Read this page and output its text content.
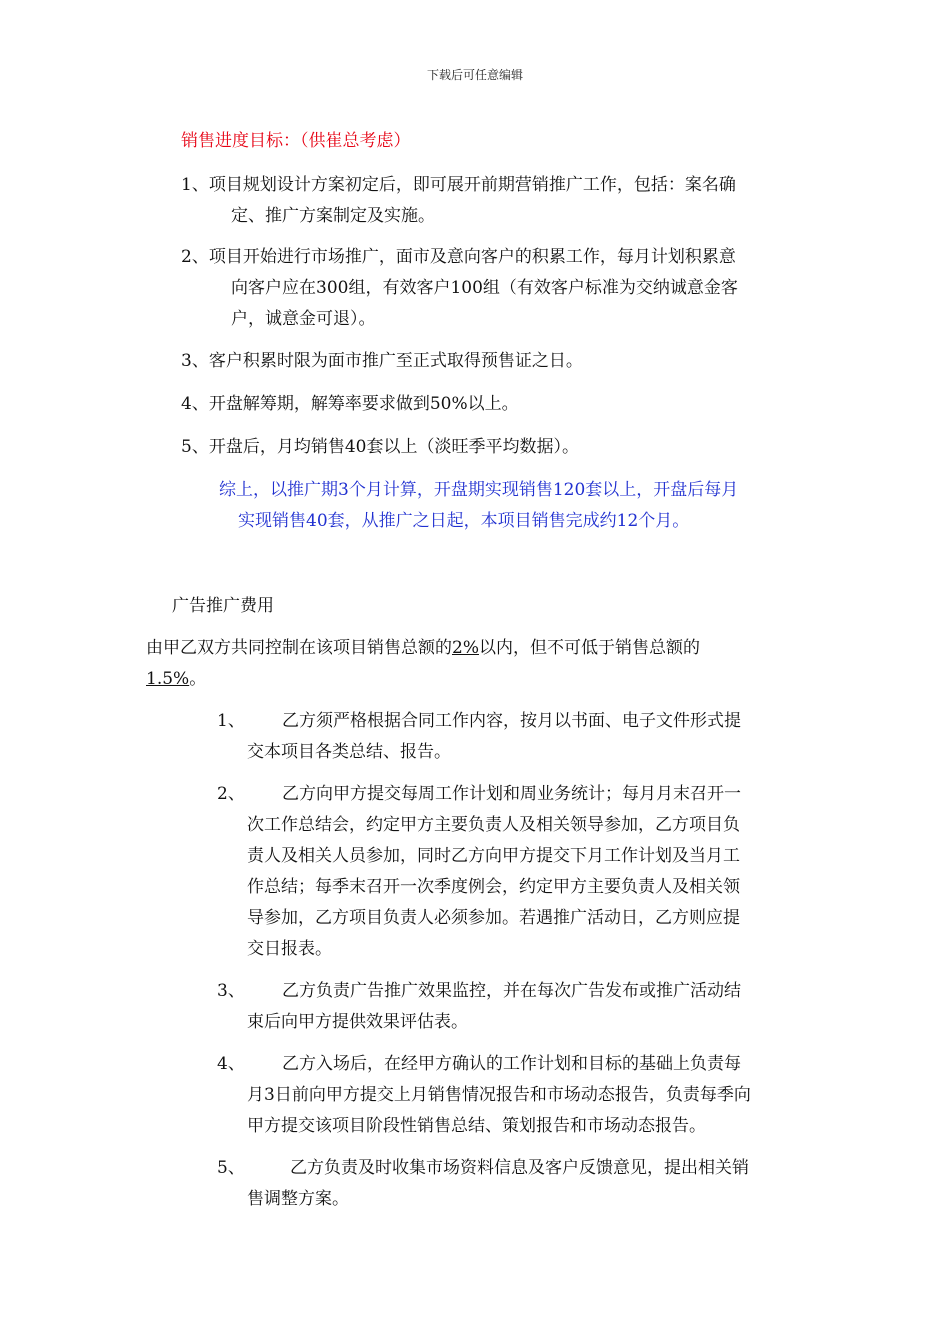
下载后可任意编辑
销售进度目标：（供崔总考虑）
1、项目规划设计方案初定后，即可展开前期营销推广工作，包括：案名确
定、推广方案制定及实施。
2、项目开始进行市场推广，面市及意向客户的积累工作，每月计划积累意
向客户应在300组，有效客户100组（有效客户标准为交纳诚意金客
户，诚意金可退）。
3、客户积累时限为面市推广至正式取得预售证之日。
4、开盘解筹期，解筹率要求做到50%以上。
5、开盘后，月均销售40套以上（淡旺季平均数据）。
综上，以推广期3个月计算，开盘期实现销售120套以上，开盘后每月
实现销售40套，从推广之日起，本项目销售完成约12个月。
广告推广费用
由甲乙双方共同控制在该项目销售总额的2%以内，但不可低于销售总额的
1.5%。
1、 乙方须严格根据合同工作内容，按月以书面、电子文件形式提
交本项目各类总结、报告。
2、 乙方向甲方提交每周工作计划和周业务统计；每月月末召开一
次工作总结会，约定甲方主要负责人及相关领导参加，乙方项目负
责人及相关人员参加，同时乙方向甲方提交下月工作计划及当月工
作总结；每季末召开一次季度例会，约定甲方主要负责人及相关领
导参加，乙方项目负责人必须参加。若遇推广活动日，乙方则应提
交日报表。
3、 乙方负责广告推广效果监控，并在每次广告发布或推广活动结
束后向甲方提供效果评估表。
4、 乙方入场后，在经甲方确认的工作计划和目标的基础上负责每
月3日前向甲方提交上月销售情况报告和市场动态报告，负责每季向
甲方提交该项目阶段性销售总结、策划报告和市场动态报告。
5、	乙方负责及时收集市场资料信息及客户反馈意见，提出相关销
售调整方案。
